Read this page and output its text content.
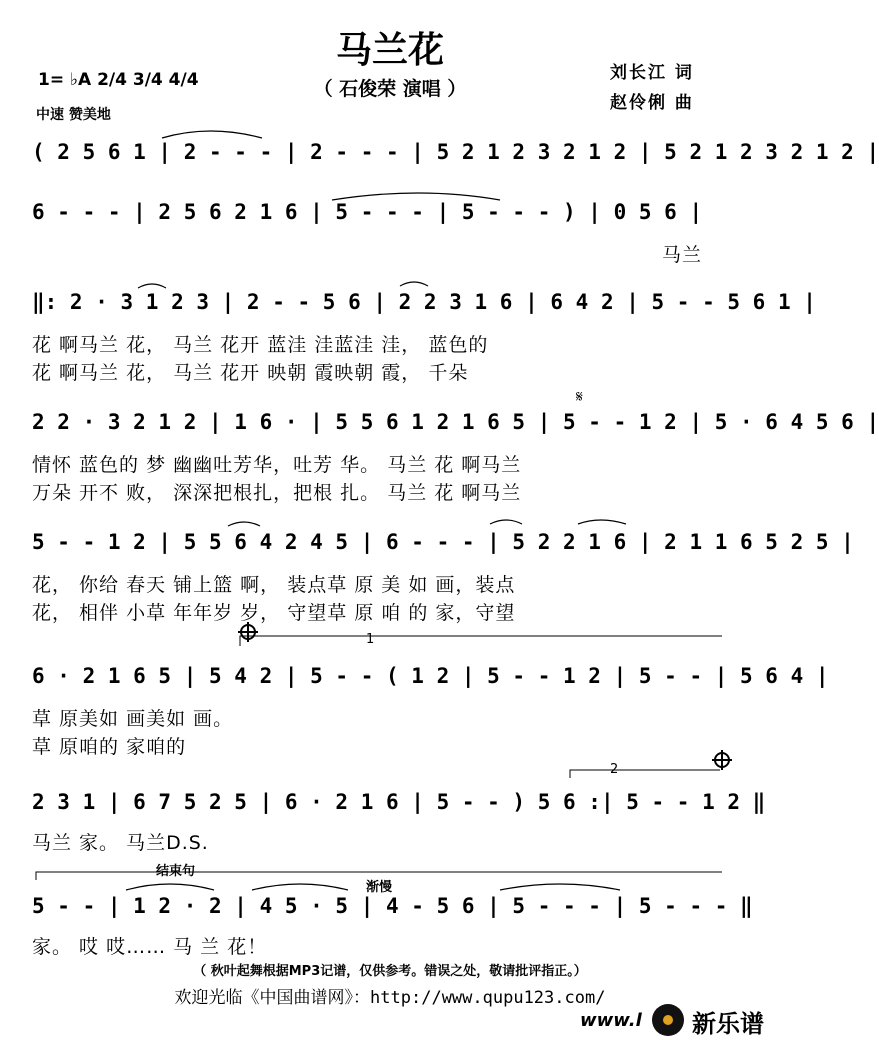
马兰花
（ 石俊荣 演唱 ）
刘长江 词
赵伶俐 曲
1= ♭A 2/4 3/4 4/4
中速 赞美地
( 2 5 6 1 | 2 - - - | 2 - - - | 5 2 1 2 3 2 1 2 | 5 2 1 2 3 2 1 2 |
6 - - - | 2 5 6 2 1 6 | 5 - - - | 5 - - - ) | 0 5 6 |
马兰
‖: 2 · 3 1 2 3 | 2 - - 5 6 | 2 2 3 1 6 | 6 4 2 | 5 - - 5 6 1 |
花 啊马兰 花， 马兰 花开 蓝洼 洼蓝洼 洼， 蓝色的
花 啊马兰 花， 马兰 花开 映朝 霞映朝 霞， 千朵
2 2 · 3 2 1 2 | 1 6 · | 5 5 6 1 2 1 6 5 | 5 - - 1 2 | 5 · 6 4 5 6 |
情怀 蓝色的 梦 幽幽吐芳华，吐芳 华。 马兰 花 啊马兰
万朵 开不 败， 深深把根扎，把根 扎。 马兰 花 啊马兰
5 - - 1 2 | 5 5 6 4 2 4 5 | 6 - - - | 5 2 2 1 6 | 2 1 1 6 5 2 5 |
花， 你给 春天 铺上篮 啊， 装点草 原 美 如 画，装点
花， 相伴 小草 年年岁 岁， 守望草 原 咱 的 家，守望
6 · 2 1 6 5 | 5 4 2 | 5 - - ( 1 2 | 5 - - 1 2 | 5 - - | 5 6 4 |
草 原美如 画美如 画。
草 原咱的 家咱的
2 3 1 | 6 7 5 2 5 | 6 · 2 1 6 | 5 - - ) 5 6 :| 5 - - 1 2 ‖
马兰 家。 马兰D.S.
5 - - | 1 2 · 2 | 4 5 · 5 | 4 - 5 6 | 5 - - - | 5 - - - ‖
家。 哎 哎…… 马 兰 花！
结束句
渐慢
1
2
𝄋
（ 秋叶起舞根据MP3记谱，仅供参考。错误之处，敬请批评指正。）
欢迎光临《中国曲谱网》：http://www.qupu123.com/
www.l 新乐谱
